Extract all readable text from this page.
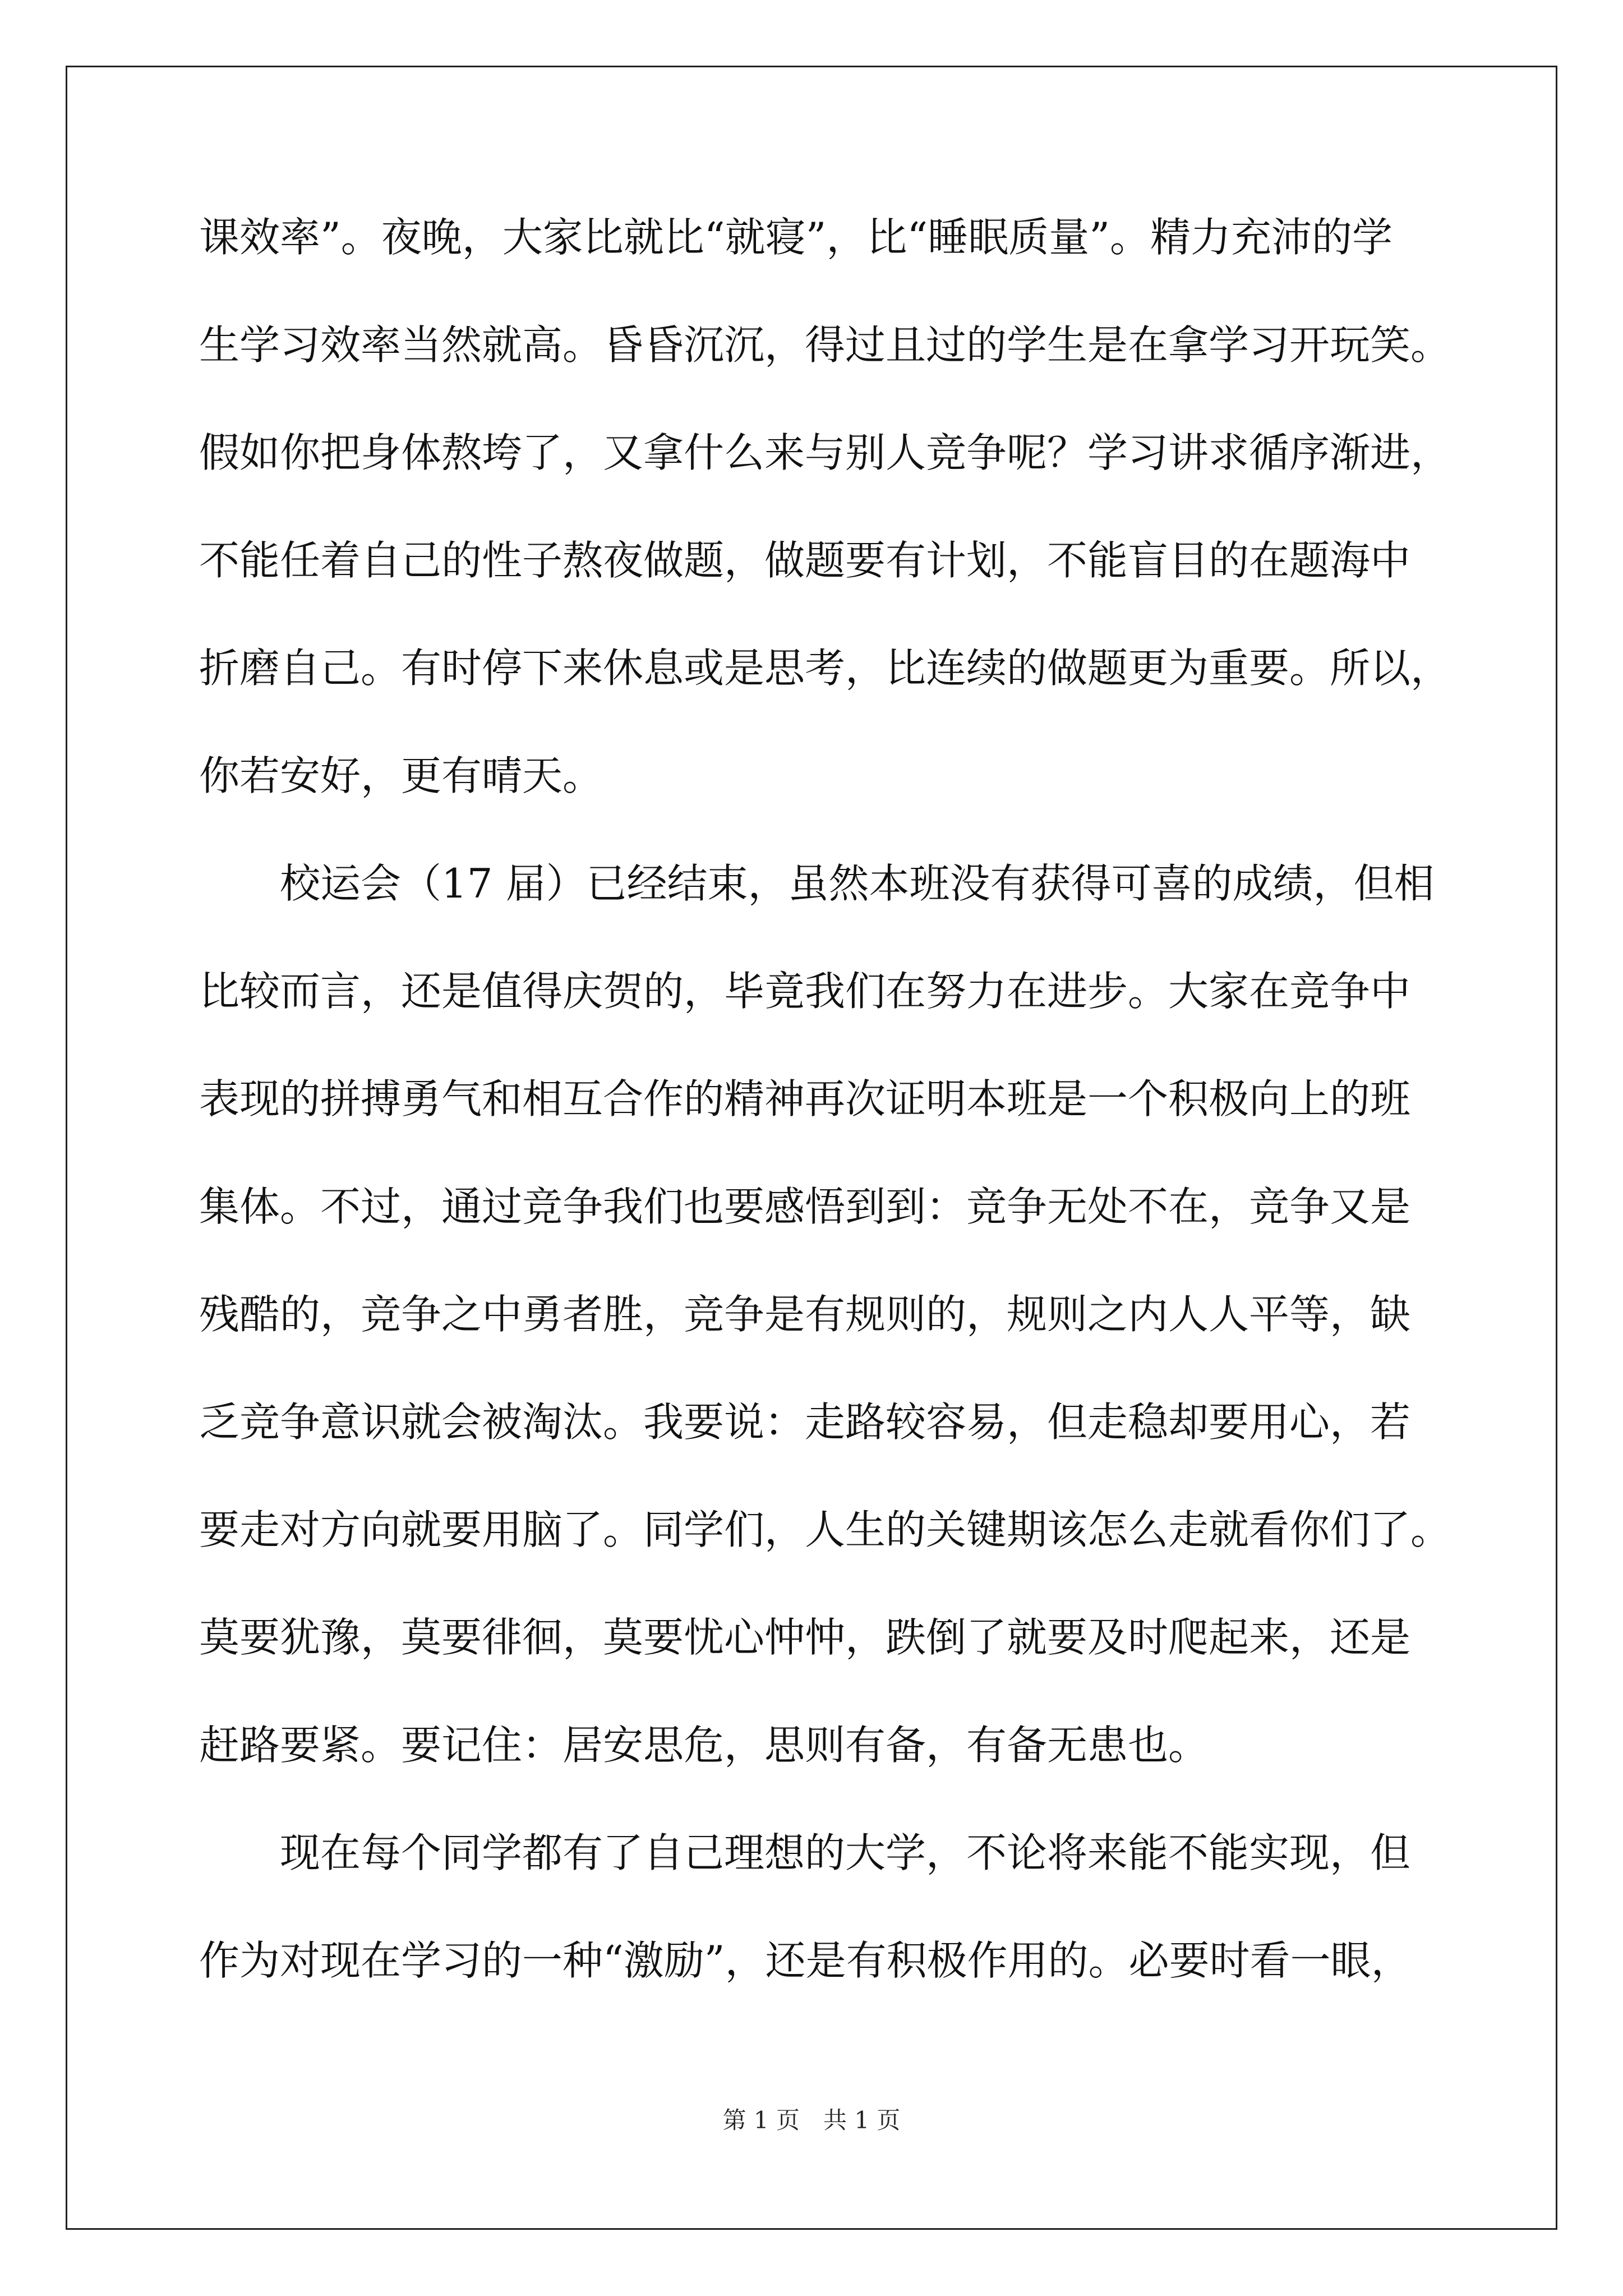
课效率”。夜晚，大家比就比“就寝”，比“睡眠质量”。精力充沛的学
生学习效率当然就高。昏昏沉沉，得过且过的学生是在拿学习开玩笑。
假如你把身体熬垮了，又拿什么来与别人竞争呢？学习讲求循序渐进，
不能任着自己的性子熬夜做题，做题要有计划，不能盲目的在题海中
折磨自己。有时停下来休息或是思考，比连续的做题更为重要。所以，
你若安好，更有晴天。
校运会（17 届）已经结束，虽然本班没有获得可喜的成绩，但相
比较而言，还是值得庆贺的，毕竟我们在努力在进步。大家在竞争中
表现的拼搏勇气和相互合作的精神再次证明本班是一个积极向上的班
集体。不过，通过竞争我们也要感悟到到：竞争无处不在，竞争又是
残酷的，竞争之中勇者胜，竞争是有规则的，规则之内人人平等，缺
乏竞争意识就会被淘汰。我要说：走路较容易，但走稳却要用心，若
要走对方向就要用脑了。同学们，人生的关键期该怎么走就看你们了。
莫要犹豫，莫要徘徊，莫要忧心忡忡，跌倒了就要及时爬起来，还是
赶路要紧。要记住：居安思危，思则有备，有备无患也。
现在每个同学都有了自己理想的大学，不论将来能不能实现，但
作为对现在学习的一种“激励”，还是有积极作用的。必要时看一眼，
第 1 页　共 1 页
